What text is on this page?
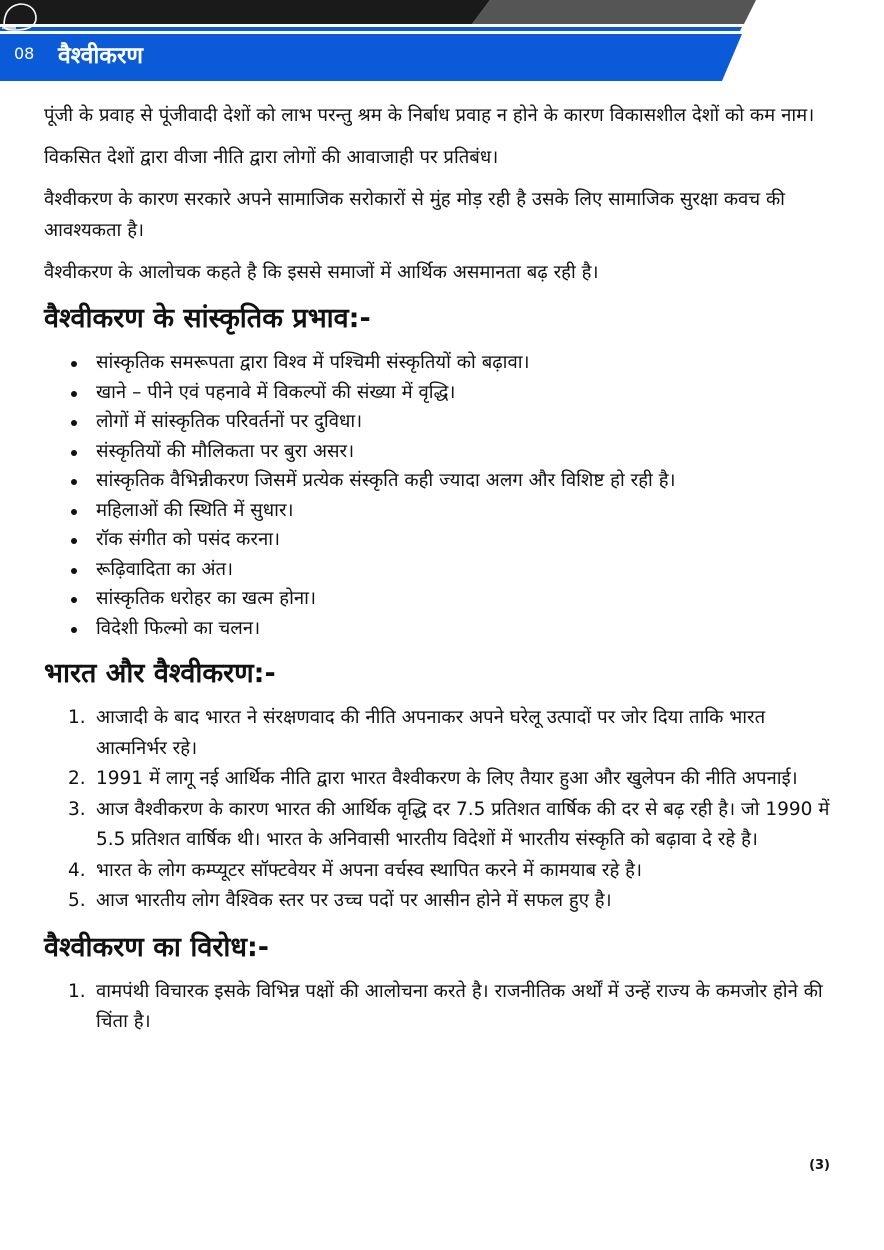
08	वैश्वीकरण

पूंजी के प्रवाह से पूंजीवादी देशों को लाभ परन्तु श्रम के निर्बाध प्रवाह न होने के कारण विकासशील देशों को कम नाम।

विकसित देशों द्वारा वीजा नीति द्वारा लोगों की आवाजाही पर प्रतिबंध।

वैश्वीकरण के कारण सरकारे अपने सामाजिक सरोकारों से मुंह मोड़ रही है उसके लिए सामाजिक सुरक्षा कवच की आवश्यकता है।

वैश्वीकरण के आलोचक कहते है कि इससे समाजों में आर्थिक असमानता बढ़ रही है।

वैश्वीकरण के सांस्कृतिक प्रभाव:-
सांस्कृतिक समरूपता द्वारा विश्व में पश्चिमी संस्कृतियों को बढ़ावा।
खाने – पीने एवं पहनावे में विकल्पों की संख्या में वृद्धि।
लोगों में सांस्कृतिक परिवर्तनों पर दुविधा।
संस्कृतियों की मौलिकता पर बुरा असर।
सांस्कृतिक वैभिन्नीकरण जिसमें प्रत्येक संस्कृति कही ज्यादा अलग और विशिष्ट हो रही है।
महिलाओं की स्थिति में सुधार।
रॉक संगीत को पसंद करना।
रूढ़िवादिता का अंत।
सांस्कृतिक धरोहर का खत्म होना।
विदेशी फिल्मो का चलन।
भारत और वैश्वीकरण:-
1. आजादी के बाद भारत ने संरक्षणवाद की नीति अपनाकर अपने घरेलू उत्पादों पर जोर दिया ताकि भारत आत्मनिर्भर रहे।
2. 1991 में लागू नई आर्थिक नीति द्वारा भारत वैश्वीकरण के लिए तैयार हुआ और खुलेपन की नीति अपनाई।
3. आज वैश्वीकरण के कारण भारत की आर्थिक वृद्धि दर 7.5 प्रतिशत वार्षिक की दर से बढ़ रही है। जो 1990 में 5.5 प्रतिशत वार्षिक थी। भारत के अनिवासी भारतीय विदेशों में भारतीय संस्कृति को बढ़ावा दे रहे है।
4. भारत के लोग कम्प्यूटर सॉफ्टवेयर में अपना वर्चस्व स्थापित करने में कामयाब रहे है।
5. आज भारतीय लोग वैश्विक स्तर पर उच्च पदों पर आसीन होने में सफल हुए है।
वैश्वीकरण का विरोध:-
1. वामपंथी विचारक इसके विभिन्न पक्षों की आलोचना करते है। राजनीतिक अर्थों में उन्हें राज्य के कमजोर होने की चिंता है।
(3)
